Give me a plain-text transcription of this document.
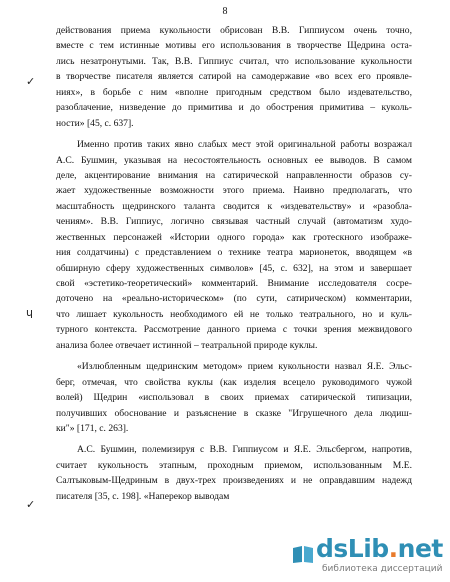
8
действования приема кукольности обрисован В.В. Гиппиусом очень точно,
вместе с тем истинные мотивы его использования в творчестве Щедрина оста-
лись незатронутыми. Так, В.В. Гиппиус считал, что использование кукольности
в творчестве писателя является сатирой на самодержавие «во всех его проявле-
ниях», в борьбе с ним «вполне пригодным средством было издевательство,
разоблачение, низведение до примитива и до обострения примитива – куколь-
ности» [45, с. 637].
Именно против таких явно слабых мест этой оригинальной работы возражал
А.С. Бушмин, указывая на несостоятельность основных ее выводов. В самом
деле, акцентирование внимания на сатирической направленности образов су-
жает художественные возможности этого приема. Наивно предполагать, что
масштабность щедринского таланта сводится к «издевательству» и «разобла-
чениям». В.В. Гиппиус, логично связывая частный случай (автоматизм худо-
жественных персонажей «Истории одного города» как гротескного изображе-
ния солдатчины) с представлением о технике театра марионеток, вводящем «в
обширную сферу художественных символов» [45, с. 632], на этом и завершает
свой «эстетико-теоретический» комментарий. Внимание исследователя сосре-
доточено на «реально-историческом» (по сути, сатирическом) комментарии,
что лишает кукольность необходимого ей не только театрального, но и куль-
турного контекста. Рассмотрение данного приема с точки зрения межвидового
анализа более отвечает истинной – театральной природе куклы.
«Излюбленным щедринским методом» прием кукольности назвал Я.Е. Эльс-
берг, отмечая, что свойства куклы (как изделия всецело руководимого чужой
волей) Щедрин «использовал в своих приемах сатирической типизации,
получивших обоснование и разъяснение в сказке "Игрушечного дела людиш-
ки"» [171, с. 263].
А.С. Бушмин, полемизируя с В.В. Гиппиусом и Я.Е. Эльсбергом, напротив,
считает кукольность этапным, проходным приемом, использованным М.Е.
Салтыковым-Щедриным в двух-трех произведениях и не оправдавшим надежд
писателя [35, с. 198]. «Наперекор выводам
✓
ɥ
✓
dsLib.net
библиотека диссертаций
